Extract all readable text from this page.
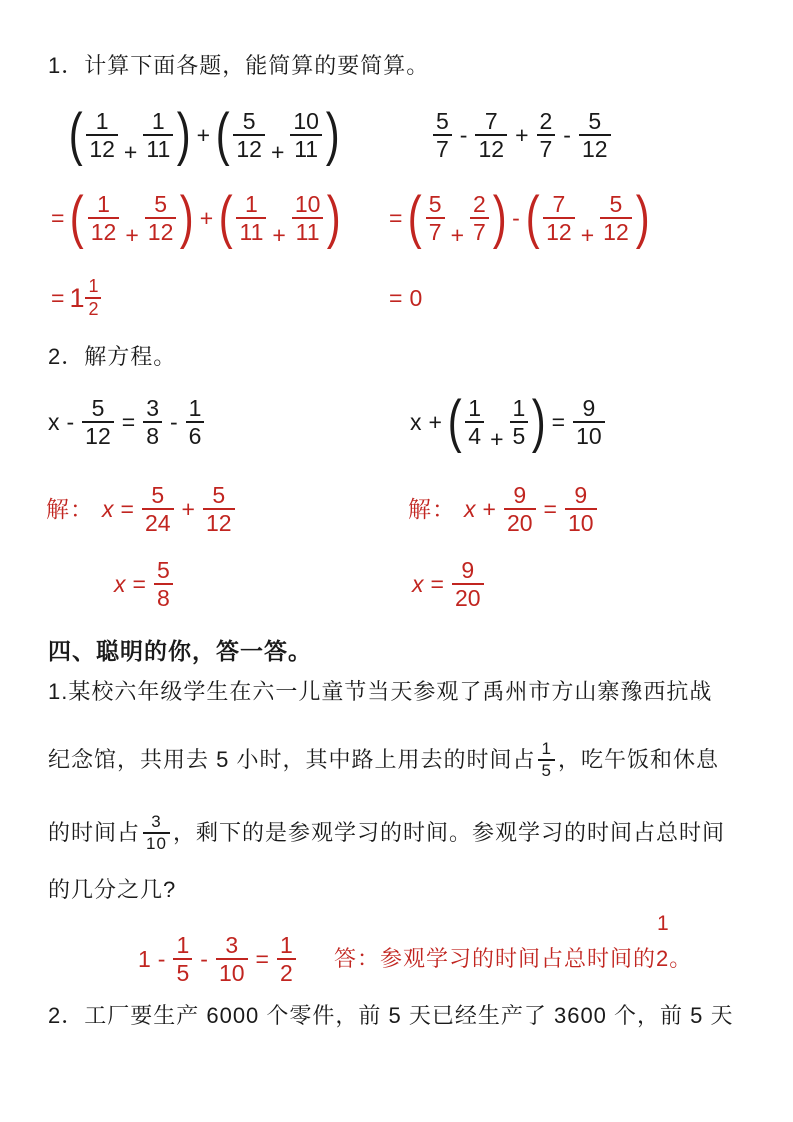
1．计算下面各题，能简算的要简算。
( $\frac{1}{12} + \frac{1}{11}$ ) + ( $\frac{5}{12} + \frac{10}{11}$ )	$\frac{5}{7} - \frac{7}{12} + \frac{2}{7} - \frac{5}{12}$
= ( $\frac{1}{12} + \frac{5}{12}$ ) + ( $\frac{1}{11} + \frac{10}{11}$ ) = ( $\frac{5}{7} + \frac{2}{7}$ ) - ( $\frac{7}{12} + \frac{5}{12}$ )
= $1 \frac{1}{2}$	= 0
2．解方程。
$x - \frac{5}{12} = \frac{3}{8} - \frac{1}{6}$	x + ( $\frac{1}{4} + \frac{1}{5}$ ) = $\frac{9}{10}$
解： $x = \frac{5}{24} + \frac{5}{12}$	解： $x + \frac{9}{20} = \frac{9}{10}$
$x = \frac{5}{8}$	$x = \frac{9}{20}$
四、聪明的你，答一答。
1.某校六年级学生在六一儿童节当天参观了禹州市方山寨豫西抗战
纪念馆，共用去 5 小时，其中路上用去的时间占 $\frac{1}{5}$ ，吃午饭和休息
的时间占 $\frac{3}{10}$ ，剩下的是参观学习的时间。参观学习的时间占总时间
的几分之几?
$1 - \frac{1}{5} - \frac{3}{10} = \frac{1}{2}$ 答：参观学习的时间占总时间的
1
2 。
2．工厂要生产 6000 个零件，前 5 天已经生产了 3600 个，前 5 天
